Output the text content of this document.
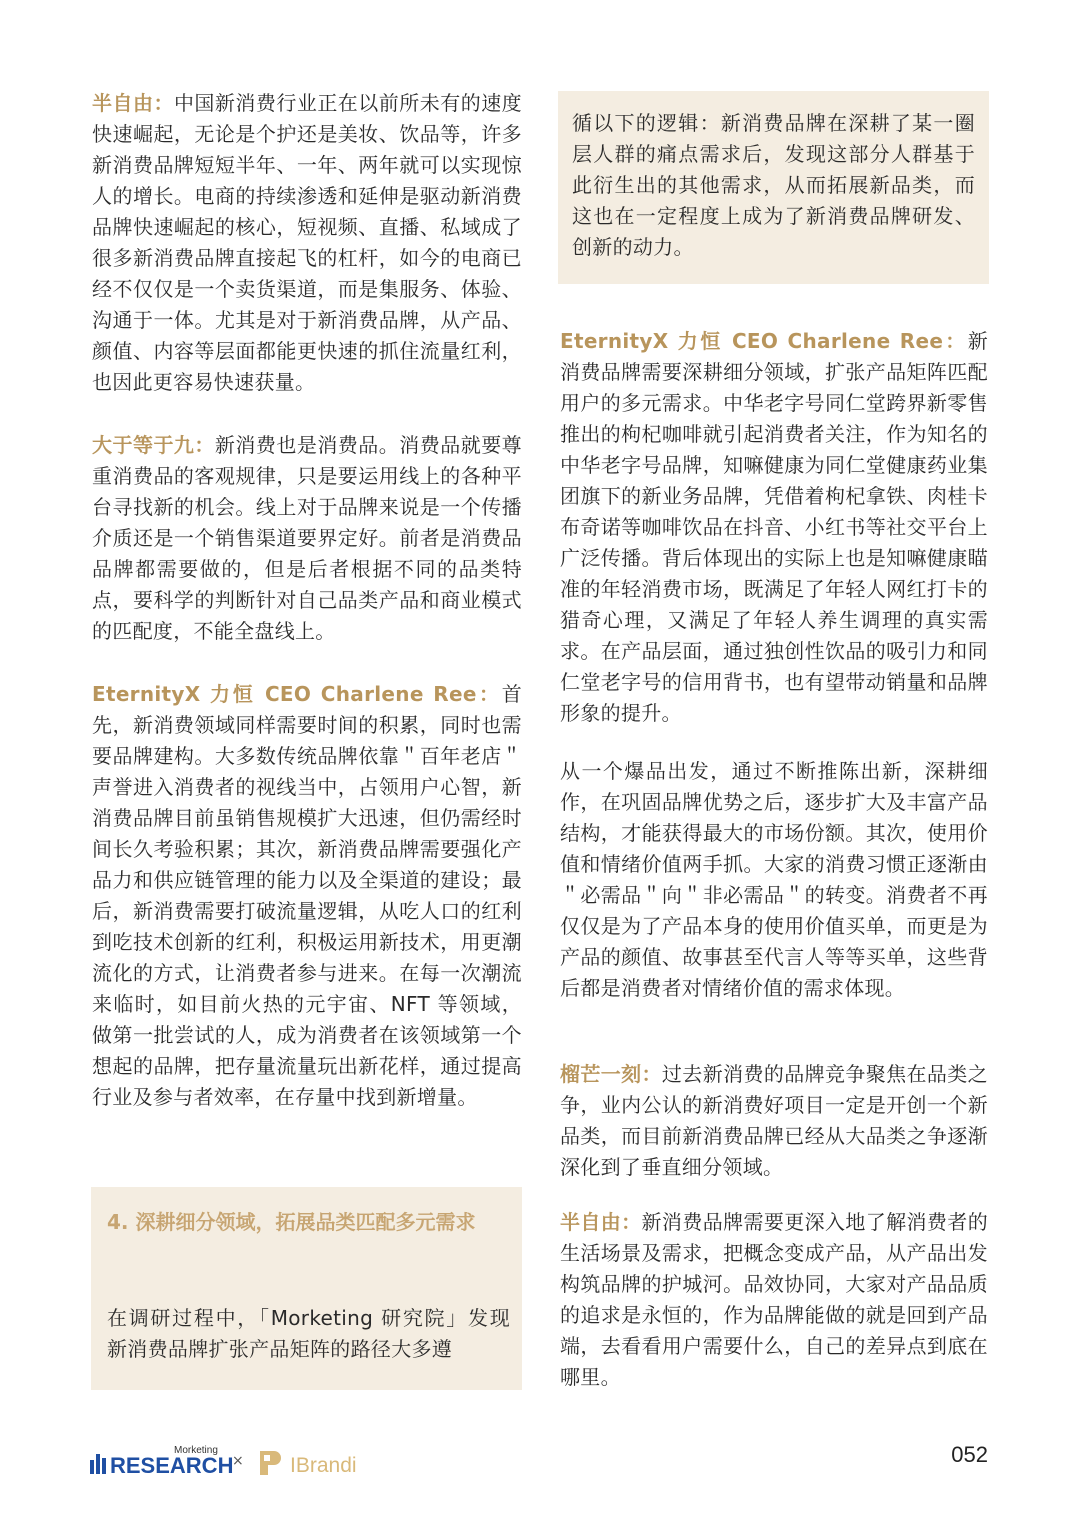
半自由：中国新消费行业正在以前所未有的速度快速崛起，无论是个护还是美妆、饮品等，许多新消费品牌短短半年、一年、两年就可以实现惊人的增长。电商的持续渗透和延伸是驱动新消费品牌快速崛起的核心，短视频、直播、私域成了很多新消费品牌直接起飞的杠杆，如今的电商已经不仅仅是一个卖货渠道，而是集服务、体验、沟通于一体。尤其是对于新消费品牌，从产品、颜值、内容等层面都能更快速的抓住流量红利，也因此更容易快速获量。

大于等于九：新消费也是消费品。消费品就要尊重消费品的客观规律，只是要运用线上的各种平台寻找新的机会。线上对于品牌来说是一个传播介质还是一个销售渠道要界定好。前者是消费品品牌都需要做的，但是后者根据不同的品类特点，要科学的判断针对自己品类产品和商业模式的匹配度，不能全盘线上。

EternityX 力恒 CEO Charlene Ree：首先，新消费领域同样需要时间的积累，同时也需要品牌建构。大多数传统品牌依靠＂百年老店＂声誉进入消费者的视线当中，占领用户心智，新消费品牌目前虽销售规模扩大迅速，但仍需经时间长久考验积累；其次，新消费品牌需要强化产品力和供应链管理的能力以及全渠道的建设；最后，新消费需要打破流量逻辑，从吃人口的红利到吃技术创新的红利，积极运用新技术，用更潮流化的方式，让消费者参与进来。在每一次潮流来临时，如目前火热的元宇宙、NFT 等领域，做第一批尝试的人，成为消费者在该领域第一个想起的品牌，把存量流量玩出新花样，通过提高行业及参与者效率，在存量中找到新增量。

4. 深耕细分领域，拓展品类匹配多元需求

在调研过程中，「Morketing 研究院」发现新消费品牌扩张产品矩阵的路径大多遵

循以下的逻辑：新消费品牌在深耕了某一圈层人群的痛点需求后，发现这部分人群基于此衍生出的其他需求，从而拓展新品类，而这也在一定程度上成为了新消费品牌研发、创新的动力。

EternityX 力恒 CEO Charlene Ree：新消费品牌需要深耕细分领域，扩张产品矩阵匹配用户的多元需求。中华老字号同仁堂跨界新零售推出的枸杞咖啡就引起消费者关注，作为知名的中华老字号品牌，知嘛健康为同仁堂健康药业集团旗下的新业务品牌，凭借着枸杞拿铁、肉桂卡布奇诺等咖啡饮品在抖音、小红书等社交平台上广泛传播。背后体现出的实际上也是知嘛健康瞄准的年轻消费市场，既满足了年轻人网红打卡的猎奇心理，又满足了年轻人养生调理的真实需求。在产品层面，通过独创性饮品的吸引力和同仁堂老字号的信用背书，也有望带动销量和品牌形象的提升。

从一个爆品出发，通过不断推陈出新，深耕细作，在巩固品牌优势之后，逐步扩大及丰富产品结构，才能获得最大的市场份额。其次，使用价值和情绪价值两手抓。大家的消费习惯正逐渐由＂必需品＂向＂非必需品＂的转变。消费者不再仅仅是为了产品本身的使用价值买单，而更是为产品的颜值、故事甚至代言人等等买单，这些背后都是消费者对情绪价值的需求体现。

榴芒一刻：过去新消费的品牌竞争聚焦在品类之争，业内公认的新消费好项目一定是开创一个新品类，而目前新消费品牌已经从大品类之争逐渐深化到了垂直细分领域。

半自由：新消费品牌需要更深入地了解消费者的生活场景及需求，把概念变成产品，从产品出发构筑品牌的护城河。品效协同，大家对产品品质的追求是永恒的，作为品牌能做的就是回到产品端，去看看用户需要什么，自己的差异点到底在哪里。

Morketing
RESEARCH
× IBrandi	052
